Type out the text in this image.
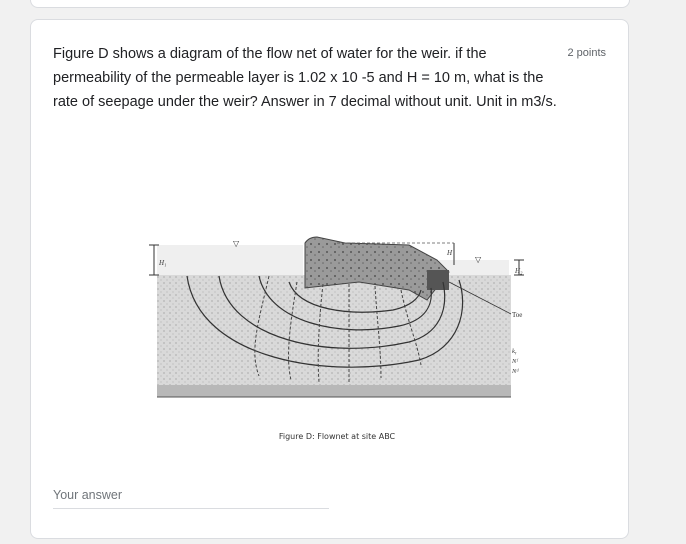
Figure D shows a diagram of the flow net of water for the weir. if the permeability of the permeable layer is 1.02 x 10 -5 and H = 10 m, what is the rate of seepage under the weir? Answer in 7 decimal without unit. Unit in m3/s.

2 points
H₁
H
H₂
▽
▽
Toe
kᵧ
Nᶠ
Nᵈ
Figure D: Flownet at site ABC
Your answer
